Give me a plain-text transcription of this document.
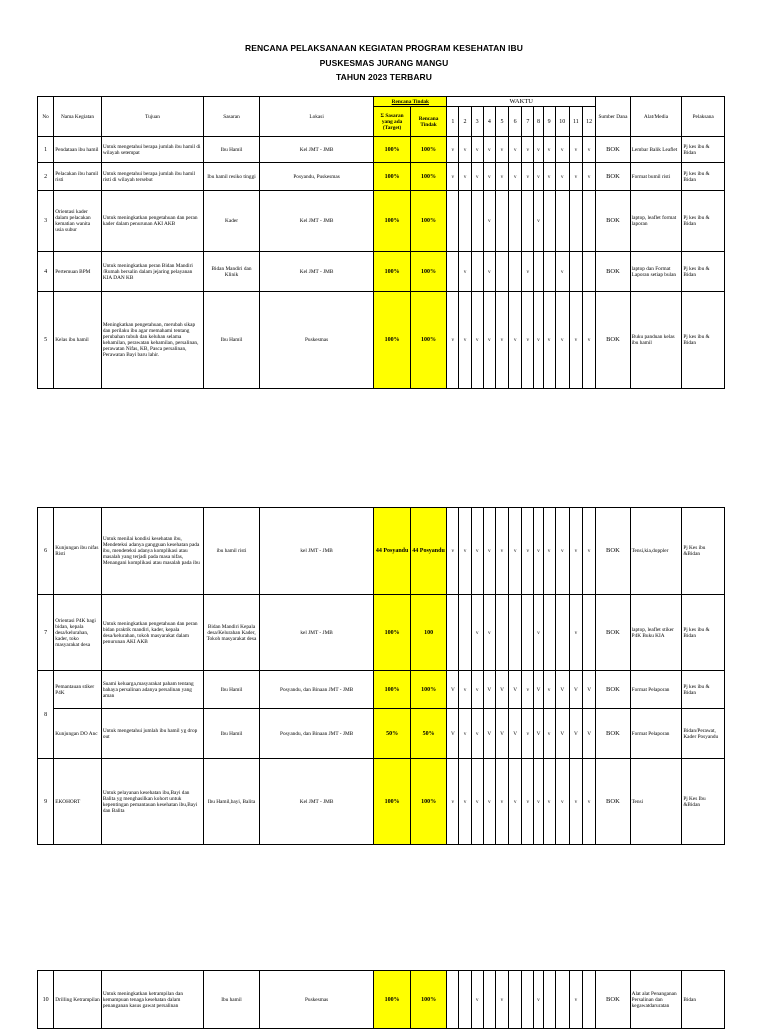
RENCANA PELAKSANAAN KEGIATAN PROGRAM KESEHATAN IBU
PUSKESMAS JURANG MANGU
TAHUN 2023 TERBARU
No	Nama Kegiatan	Tujuan	Sasaran	Lokasi	Rencana Tindak		WAKTU												Sumber Dana	Alat/Media	Pelaksana
					Σ Sasaran yang ada (Target)	Rencana Tindak	1	2	3	4	5	6	7	8	9	10	11	12			
1	Pendataan ibu hamil	Untuk mengetahui berapa jumlah ibu hamil di wilayah setempat	Ibu Hamil	Kel JMT - JMB	100%	100%	v	v	v	v	v	v	v	v	v	v	v	v	BOK	Lembar Balik Leaflet	Pj kes ibu & Bidan
2	Pelacakan ibu hamil risti	Untuk mengetahui berapa jumlah ibu hamil risti di wilayah tersebut	Ibu hamil resiko tinggi	Posyandu, Puskesmas	100%	100%	v	v	v	v	v	v	v	v	v	v	v	v	BOK	Format bumil risti	Pj kes ibu & Bidan
3	Orientasi kader dalam pelacakan kematian wanita usia subur	Untuk meningkatkan pengetahuan dan peran kader dalam penurunan AKI AKB	Kader	Kel JMT - JMB	100%	100%				v				v					BOK	laptop, leaflet format laporan	Pj kes ibu & Bidan
4	Pertemuan BPM	Untuk meningkatkan peran Bidan Mandiri /Rumah bersalin dalam jejaring pelayanan KIA DAN KB	Bidan Mandiri dan Klinik	Kel JMT - JMB	100%	100%		v		v			v			v			BOK	laptop dan Format Laporan setiap bulan	Pj kes ibu & Bidan
5	Kelas ibu hamil	Meningkatkan pengetahuan, merubah sikap dan perilaku ibu agar memahami tentang perubahan tubuh dan keluhan selama kehamilan, perawatan kehamilan, persalinan, perawatan Nifas, KB, Pasca persalinan, Perawatan Bayi baru lahir.	Ibu Hamil	Puskesmas	100%	100%	v	v	v	v	v	v	v	v	v	v	v	v	BOK	Buku panduan kelas ibu hamil	Pj kes ibu & Bidan
6	Kunjungan ibu nifas Risti	Untuk menilai kondisi kesehatan ibu, Mendeteksi adanya gangguan kesehatan pada ibu, mendeteksi adanya komplikasi atau masalah yang terjadi pada masa nifas, Menangani komplikasi atau masalah pada ibu	ibu hamil risti	kel JMT - JMB	44 Posyandu	44 Posyandu	v	v	v	v	v	v	v	v	v	v	v	v	BOK	Tensi,kia,doppler	Pj Kes ibu &Bidan
7	Orientasi P4K bagi bidan, kepala desa/kelurahan, kader, toko masyarakat desa	Untuk meningkatkan pengetahuan dan peran bidan praktik mandiri, kader, kepala desa/kelurahan, tokoh masyarakat dalam penurunan AKI AKB	Bidan Mandiri Kepala desa/Kelurahan Kader, Tokoh masyarakat desa	kel JMT - JMB	100%	100			v	v				v			v		BOK	laptop, leaflet stiker P4K Buku KIA	Pj kes ibu & Bidan
8	Pemantauan stiker P4K	Suami keluarga,masyarakat paham tentang bahaya persalinan adanya persalinan yang aman	Ibu Hamil	Posyandu, dan Binaan JMT - JMB	100%	100%	V	v	v	V	V	V	v	V	v	V	V	V	BOK	Format Pelaporan	Pj kes ibu & Bidan
	Kunjungan DO Anc	Untuk mengetahui jumlah ibu hamil yg drop out	Ibu Hamil	Posyandu, dan Binaan JMT - JMB	50%	50%	V	v	v	V	V	V	v	V	v	V	V	V	BOK	Format Pelaporan	Bidan/Perawat, Kader Posyandu
9	EKOHORT	Untuk pelayanan kesehatan ibu,Bayi dan Balita yg menghasilkan kohort untuk kepentingan pemantauan kesehatan ibu,Bayi dan Balita	Ibu Hamil,bayi, Balita	Kel JMT - JMB	100%	100%	v	v	v	v	v	v	v	v	v	v	v	v	BOK	Tensi	Pj Kes Ibu &Bidan
10	Drilling Ketrampilan	Untuk meningkatkan ketrampilan dan kemampuan tenaga kesehatan dalam penanganan kasus gawat persalinan	Ibu hamil	Puskesmas	100%	100%			v		v			v			v		BOK	Alat alat Penanganan Persalinan dan kegawatdaruratan	Bidan
